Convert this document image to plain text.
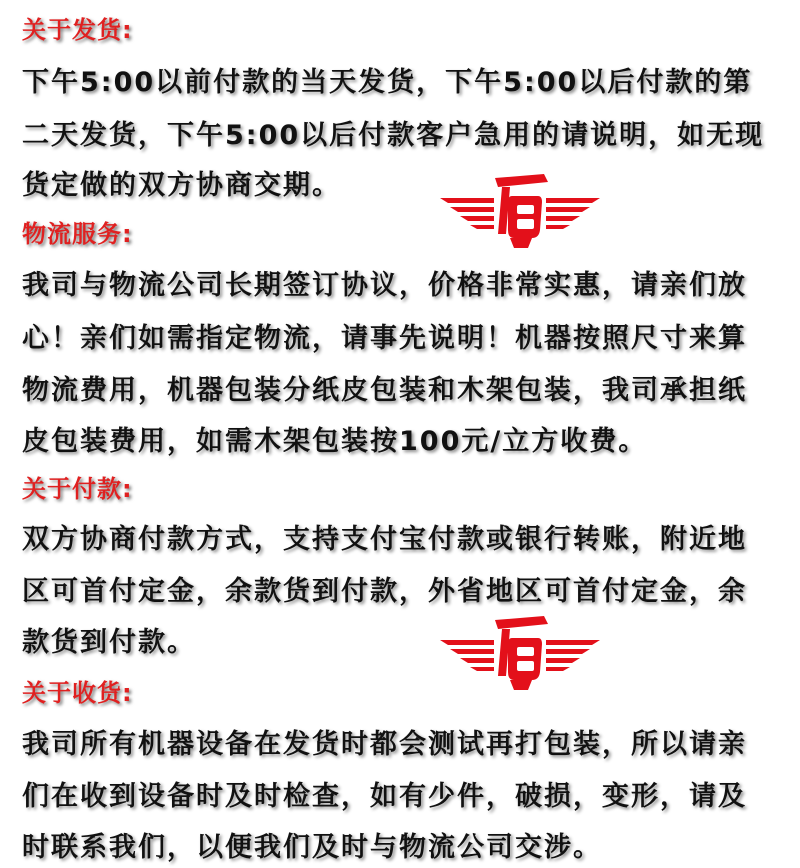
关于发货:
下午5:00以前付款的当天发货，下午5:00以后付款的第
二天发货，下午5:00以后付款客户急用的请说明，如无现
货定做的双方协商交期。
物流服务:
我司与物流公司长期签订协议，价格非常实惠，请亲们放
心！亲们如需指定物流，请事先说明！机器按照尺寸来算
物流费用，机器包装分纸皮包装和木架包装，我司承担纸
皮包装费用，如需木架包装按100元/立方收费。
关于付款:
双方协商付款方式，支持支付宝付款或银行转账，附近地
区可首付定金，余款货到付款，外省地区可首付定金，余
款货到付款。
关于收货:
我司所有机器设备在发货时都会测试再打包装，所以请亲
们在收到设备时及时检查，如有少件，破损，变形，请及
时联系我们，以便我们及时与物流公司交涉。
